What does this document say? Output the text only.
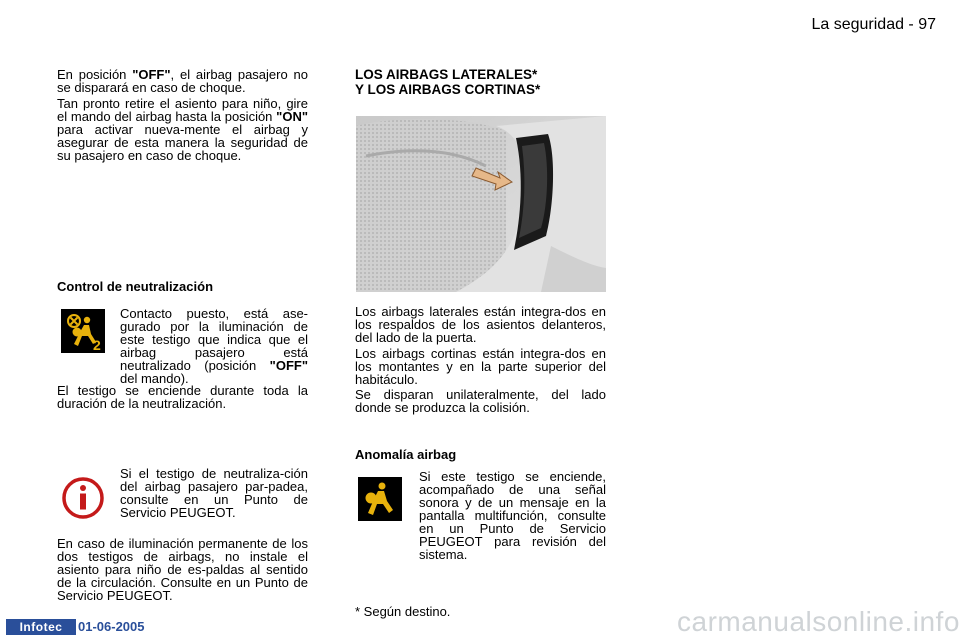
La seguridad - 97
En posición "OFF", el airbag pasajero no se disparará en caso de choque.
Tan pronto retire el asiento para niño, gire el mando del airbag hasta la posición "ON" para activar nueva-mente el airbag y asegurar de esta manera la seguridad de su pasajero en caso de choque.
Control de neutralización
2
Contacto puesto, está ase-gurado por la iluminación de este testigo que indica que el airbag pasajero está neutralizado (posición "OFF" del mando).
El testigo se enciende durante toda la duración de la neutralización.
Si el testigo de neutraliza-ción del airbag pasajero par-padea, consulte en un Punto de Servicio PEUGEOT.
En caso de iluminación permanente de los dos testigos de airbags, no instale el asiento para niño de es-paldas al sentido de la circulación. Consulte en un Punto de Servicio PEUGEOT.
LOS AIRBAGS LATERALES*
Y LOS AIRBAGS CORTINAS*
Los airbags laterales están integra-dos en los respaldos de los asientos delanteros, del lado de la puerta.
Los airbags cortinas están integra-dos en los montantes y en la parte superior del habitáculo.
Se disparan unilateralmente, del lado donde se produzca la colisión.
Anomalía airbag
Si este testigo se enciende, acompañado de una señal sonora y de un mensaje en la pantalla multifunción, consulte en un Punto de Servicio PEUGEOT para revisión del sistema.
* Según destino.
Infotec	01-06-2005	carmanualsonline.info
